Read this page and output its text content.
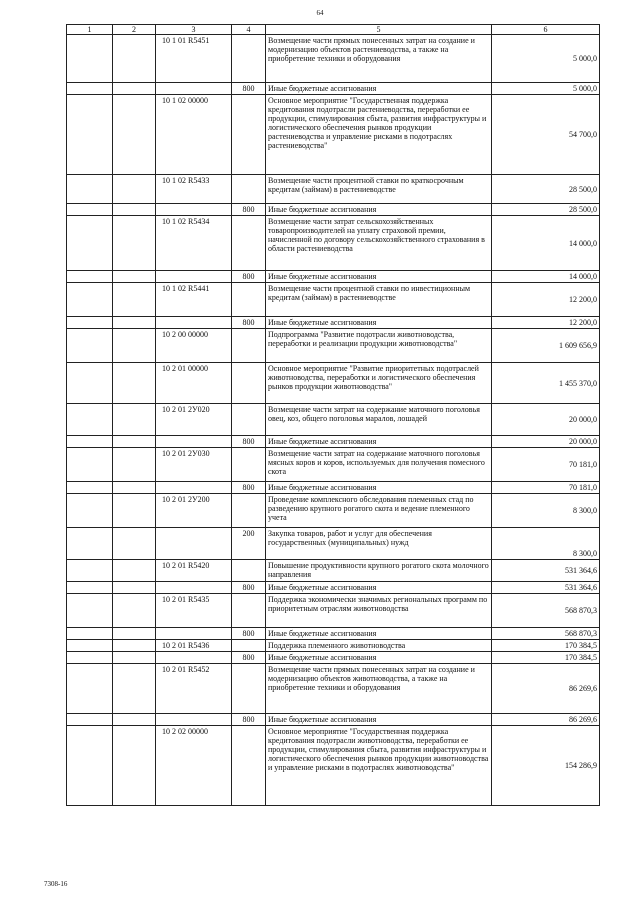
64
1	2	3	4	5	6
		10 1 01 R5451		Возмещение части прямых понесенных затрат на создание и модернизацию объектов растениеводства, а также на приобретение техники и оборудования	5 000,0
			800	Иные бюджетные ассигнования	5 000,0
		10 1 02 00000		Основное мероприятие "Государственная поддержка кредитования подотрасли растениеводства, переработки ее продукции, стимулирования сбыта, развития инфраструктуры и логистического обеспечения рынков продукции растениеводства и управление рисками в подотраслях растениеводства"	54 700,0
		10 1 02 R5433		Возмещение части процентной ставки по краткосрочным кредитам (займам) в растениеводстве	28 500,0
			800	Иные бюджетные ассигнования	28 500,0
		10 1 02 R5434		Возмещение части затрат сельскохозяйственных товаропроизводителей на уплату страховой премии, начисленной по договору сельскохозяйственного страхования в области растениеводства	14 000,0
			800	Иные бюджетные ассигнования	14 000,0
		10 1 02 R5441		Возмещение части процентной ставки по инвестиционным кредитам (займам) в растениеводстве	12 200,0
			800	Иные бюджетные ассигнования	12 200,0
		10 2 00 00000		Подпрограмма "Развитие подотрасли животноводства, переработки и реализации продукции животноводства"	1 609 656,9
		10 2 01 00000		Основное мероприятие "Развитие приоритетных подотраслей животноводства, переработки и логистического обеспечения рынков продукции животноводства"	1 455 370,0
		10 2 01 2У020		Возмещение части затрат на содержание маточного поголовья овец, коз, общего поголовья маралов, лошадей	20 000,0
			800	Иные бюджетные ассигнования	20 000,0
		10 2 01 2У030		Возмещение части затрат на содержание маточного поголовья мясных коров и коров, используемых для получения помесного скота	70 181,0
			800	Иные бюджетные ассигнования	70 181,0
		10 2 01 2У200		Проведение комплексного обследования племенных стад по разведению крупного рогатого скота и ведение племенного учета	8 300,0
			200	Закупка товаров, работ и услуг для обеспечения государственных (муниципальных) нужд	8 300,0
		10 2 01 R5420		Повышение продуктивности крупного рогатого скота молочного направления	531 364,6
			800	Иные бюджетные ассигнования	531 364,6
		10 2 01 R5435		Поддержка экономически значимых региональных программ по приоритетным отраслям животноводства	568 870,3
			800	Иные бюджетные ассигнования	568 870,3
		10 2 01 R5436		Поддержка племенного животноводства	170 384,5
			800	Иные бюджетные ассигнования	170 384,5
		10 2 01 R5452		Возмещение части прямых понесенных затрат на создание и модернизацию объектов животноводства, а также на приобретение техники и оборудования	86 269,6
			800	Иные бюджетные ассигнования	86 269,6
		10 2 02 00000		Основное мероприятие "Государственная поддержка кредитования подотрасли животноводства, переработки ее продукции, стимулирования сбыта, развития инфраструктуры и логистического обеспечения рынков продукции животноводства и управление рисками в подотраслях животноводства"	154 286,9
7308-16
